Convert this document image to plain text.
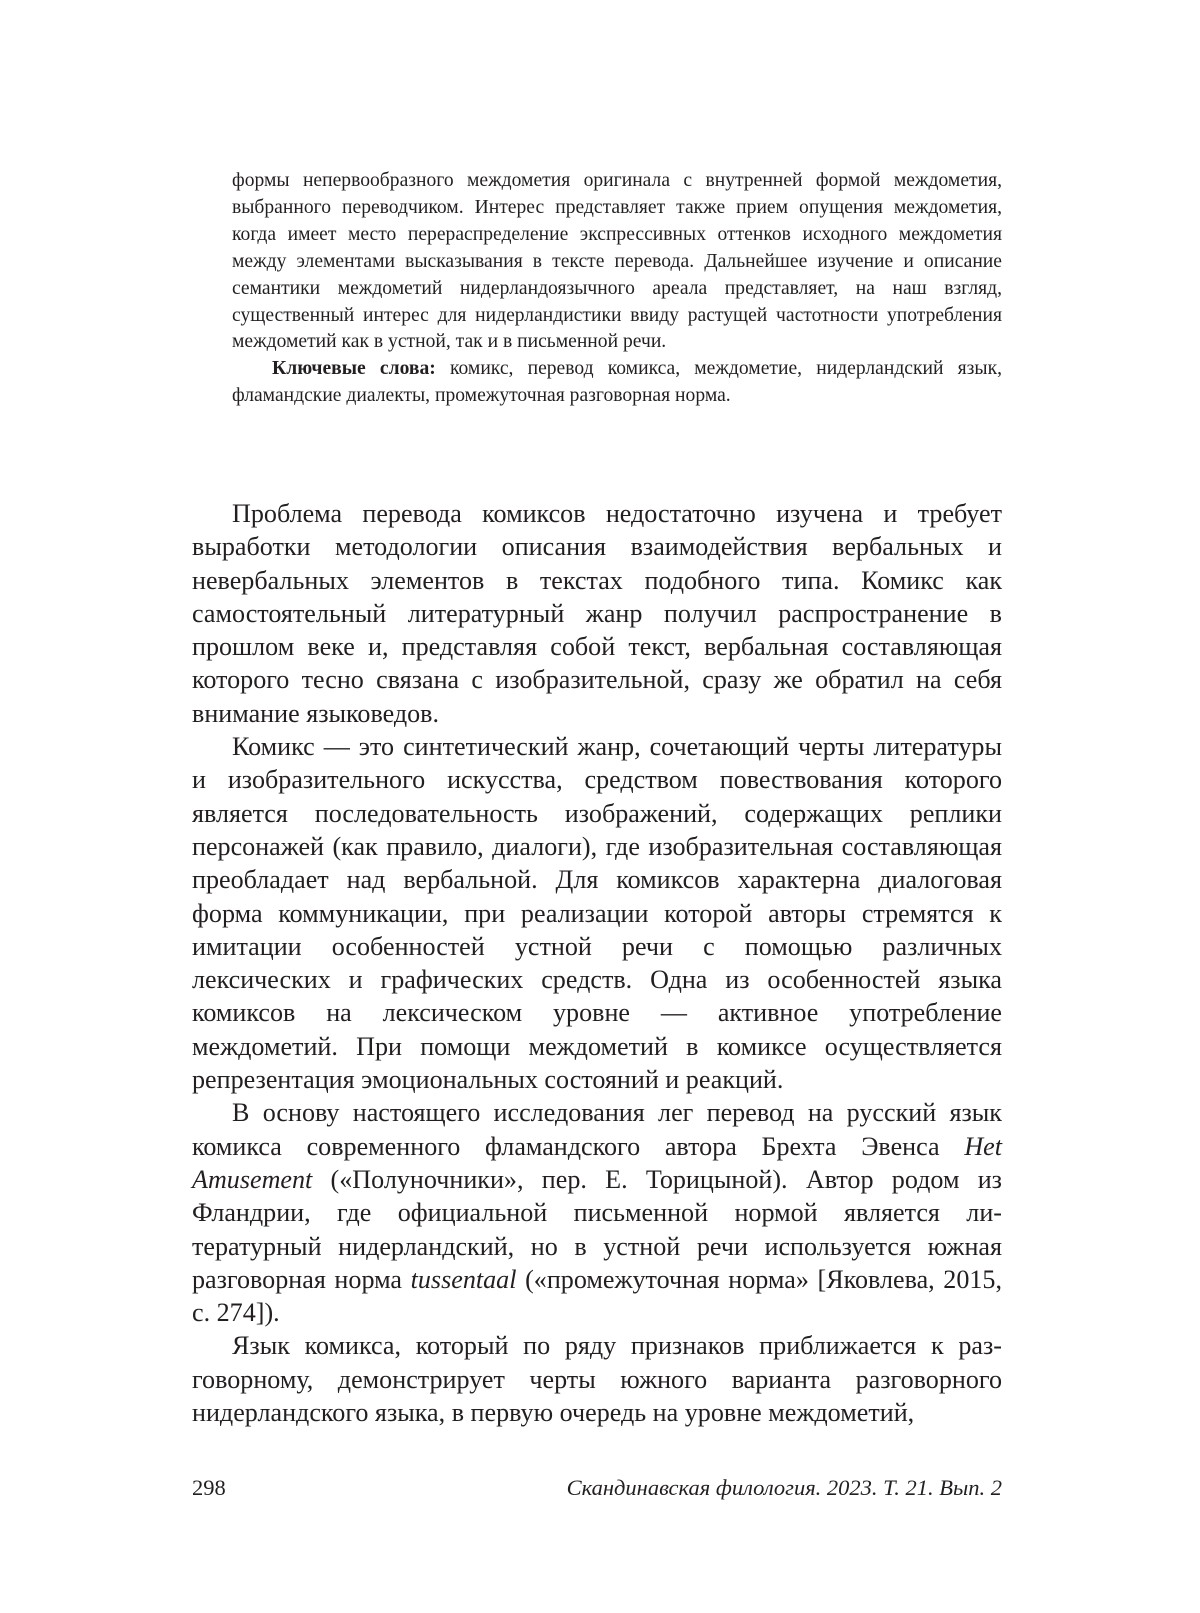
формы непервообразного междометия оригинала с внутренней формой междометия, выбранного переводчиком. Интерес представляет также прием опущения междометия, когда имеет место перераспределение экспрессивных оттенков исходного междометия между элементами высказывания в тексте перевода. Дальнейшее изучение и описание семантики междометий нидерландоязычного ареала представляет, на наш взгляд, существенный интерес для нидерландистики ввиду растущей частотности употребления междометий как в устной, так и в письменной речи.

Ключевые слова: комикс, перевод комикса, междометие, нидерландский язык, фламандские диалекты, промежуточная разговорная норма.

Проблема перевода комиксов недостаточно изучена и требует выработки методологии описания взаимодействия вербальных и невербальных элементов в текстах подобного типа. Комикс как самостоятельный литературный жанр получил распространение в прошлом веке и, представляя собой текст, вербальная составляющая которого тесно связана с изобразительной, сразу же обратил на себя внимание языковедов.

Комикс — это синтетический жанр, сочетающий черты литературы и изобразительного искусства, средством повествования которого является последовательность изображений, содержащих реплики персонажей (как правило, диалоги), где изобразительная составляющая преобладает над вербальной. Для комиксов характерна диалоговая форма коммуникации, при реализации которой авторы стремятся к имитации особенностей устной речи с помощью различных лексических и графических средств. Одна из особенностей языка комиксов на лексическом уровне — активное употребление междометий. При помощи междометий в комиксе осуществляется репрезентация эмоциональных состояний и реакций.

В основу настоящего исследования лег перевод на русский язык комикса современного фламандского автора Брехта Эвенса Het Amusement («Полуночники», пер. Е. Торицыной). Автор родом из Фландрии, где официальной письменной нормой является литературный нидерландский, но в устной речи используется южная разговорная норма tussentaal («промежуточная норма» [Яковлева, 2015, с. 274]).

Язык комикса, который по ряду признаков приближается к разговорному, демонстрирует черты южного варианта разговорного нидерландского языка, в первую очередь на уровне междометий,

298	Скандинавская филология. 2023. Т. 21. Вып. 2
